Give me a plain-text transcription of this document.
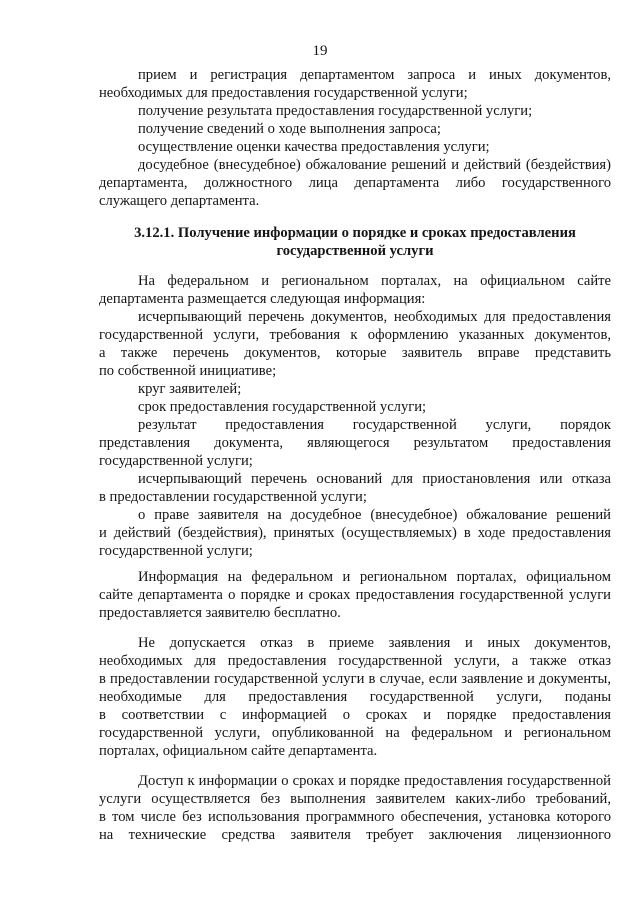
19
прием и регистрация департаментом запроса и иных документов,
необходимых для предоставления государственной услуги;
получение результата предоставления государственной услуги;
получение сведений о ходе выполнения запроса;
осуществление оценки качества предоставления услуги;
досудебное (внесудебное) обжалование решений и действий (бездействия)
департамента, должностного лица департамента либо государственного
служащего департамента.
3.12.1. Получение информации о порядке и сроках предоставления
государственной услуги
На федеральном и региональном порталах, на официальном сайте
департамента размещается следующая информация:
исчерпывающий перечень документов, необходимых для предоставления
государственной услуги, требования к оформлению указанных документов,
а также перечень документов, которые заявитель вправе представить
по собственной инициативе;
круг заявителей;
срок предоставления государственной услуги;
результат предоставления государственной услуги, порядок
представления документа, являющегося результатом предоставления
государственной услуги;
исчерпывающий перечень оснований для приостановления или отказа
в предоставлении государственной услуги;
о праве заявителя на досудебное (внесудебное) обжалование решений
и действий (бездействия), принятых (осуществляемых) в ходе предоставления
государственной услуги;
Информация на федеральном и региональном порталах, официальном
сайте департамента о порядке и сроках предоставления государственной услуги
предоставляется заявителю бесплатно.
Не допускается отказ в приеме заявления и иных документов,
необходимых для предоставления государственной услуги, а также отказ
в предоставлении государственной услуги в случае, если заявление и документы,
необходимые для предоставления государственной услуги, поданы
в соответствии с информацией о сроках и порядке предоставления
государственной услуги, опубликованной на федеральном и региональном
порталах, официальном сайте департамента.
Доступ к информации о сроках и порядке предоставления государственной
услуги осуществляется без выполнения заявителем каких-либо требований,
в том числе без использования программного обеспечения, установка которого
на технические средства заявителя требует заключения лицензионного
